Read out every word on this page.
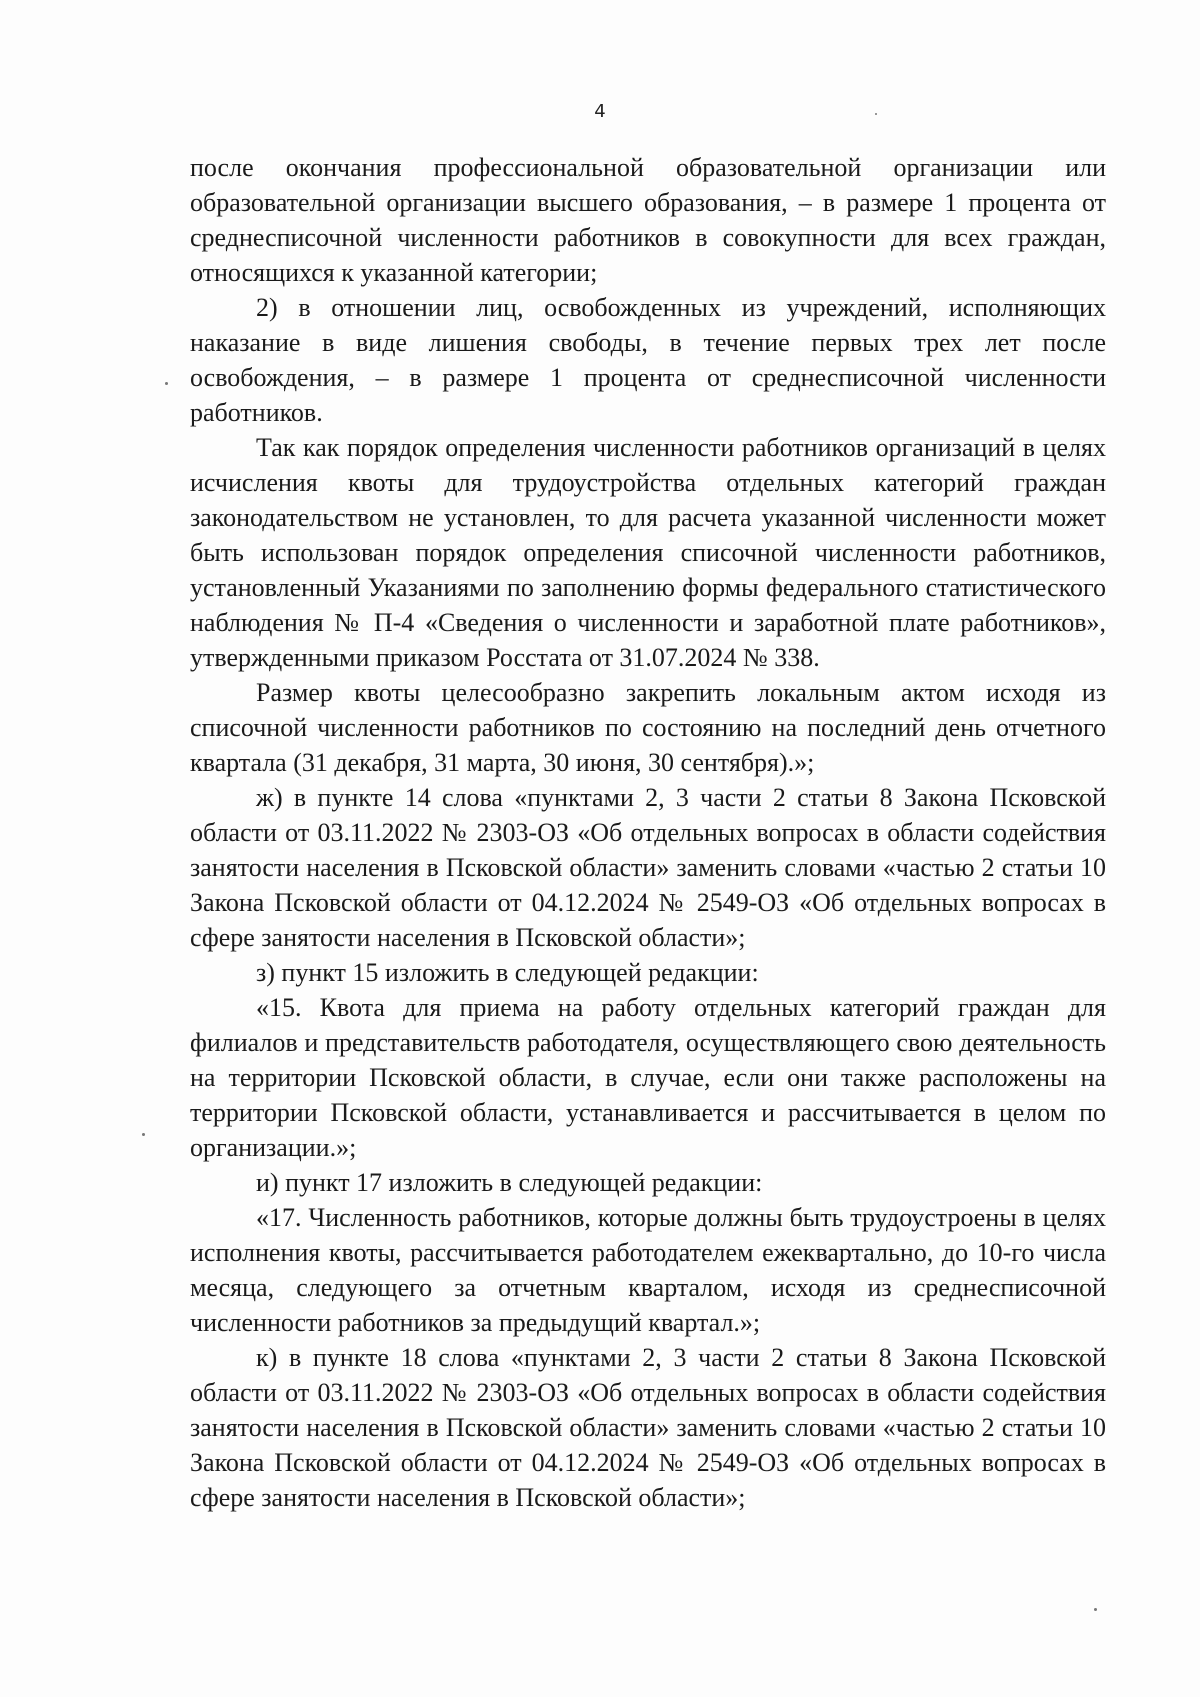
4

после окончания профессиональной образовательной организации или образовательной организации высшего образования, – в размере 1 процента от среднесписочной численности работников в совокупности для всех граждан, относящихся к указанной категории;

2) в отношении лиц, освобожденных из учреждений, исполняющих наказание в виде лишения свободы, в течение первых трех лет после освобождения, – в размере 1 процента от среднесписочной численности работников.

Так как порядок определения численности работников организаций в целях исчисления квоты для трудоустройства отдельных категорий граждан законодательством не установлен, то для расчета указанной численности может быть использован порядок определения списочной численности работников, установленный Указаниями по заполнению формы федерального статистического наблюдения № П-4 «Сведения о численности и заработной плате работников», утвержденными приказом Росстата от 31.07.2024 № 338.

Размер квоты целесообразно закрепить локальным актом исходя из списочной численности работников по состоянию на последний день отчетного квартала (31 декабря, 31 марта, 30 июня, 30 сентября).»;

ж) в пункте 14 слова «пунктами 2, 3 части 2 статьи 8 Закона Псковской области от 03.11.2022 № 2303-ОЗ «Об отдельных вопросах в области содействия занятости населения в Псковской области» заменить словами «частью 2 статьи 10 Закона Псковской области от 04.12.2024 № 2549-ОЗ «Об отдельных вопросах в сфере занятости населения в Псковской области»;

з) пункт 15 изложить в следующей редакции:

«15. Квота для приема на работу отдельных категорий граждан для филиалов и представительств работодателя, осуществляющего свою деятельность на территории Псковской области, в случае, если они также расположены на территории Псковской области, устанавливается и рассчитывается в целом по организации.»;

и) пункт 17 изложить в следующей редакции:

«17. Численность работников, которые должны быть трудоустроены в целях исполнения квоты, рассчитывается работодателем ежеквартально, до 10-го числа месяца, следующего за отчетным кварталом, исходя из среднесписочной численности работников за предыдущий квартал.»;

к) в пункте 18 слова «пунктами 2, 3 части 2 статьи 8 Закона Псковской области от 03.11.2022 № 2303-ОЗ «Об отдельных вопросах в области содействия занятости населения в Псковской области» заменить словами «частью 2 статьи 10 Закона Псковской области от 04.12.2024 № 2549-ОЗ «Об отдельных вопросах в сфере занятости населения в Псковской области»;
